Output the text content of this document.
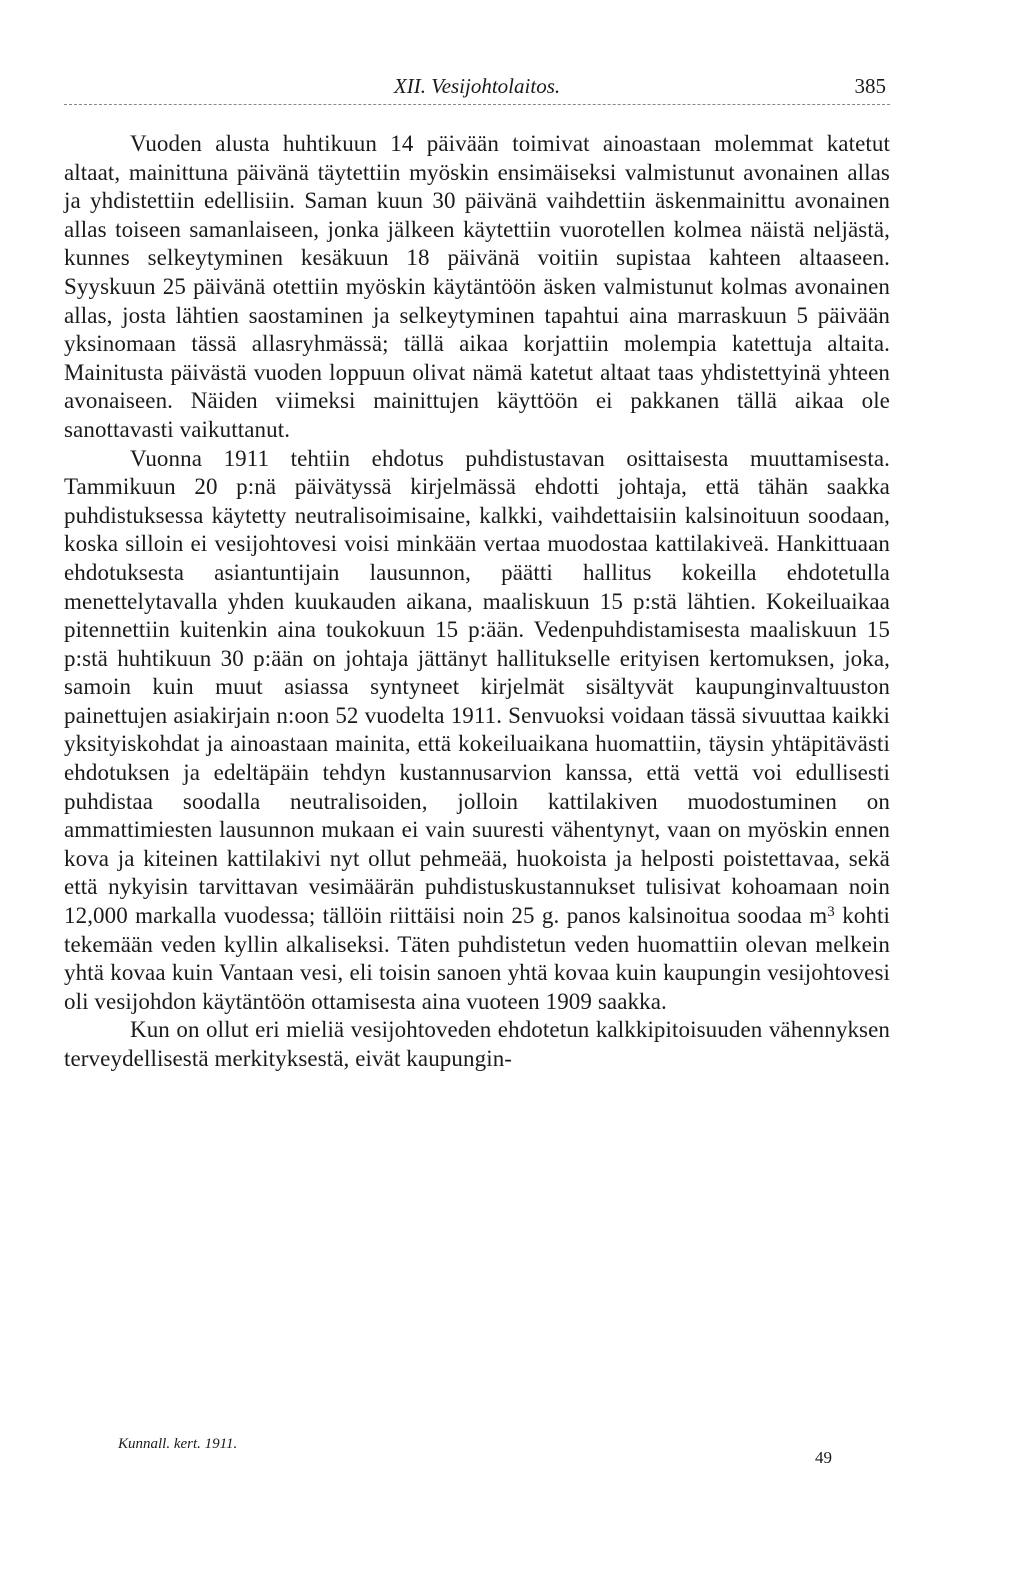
XII. Vesijohtolaitos.	385

Vuoden alusta huhtikuun 14 päivään toimivat ainoastaan molemmat katetut altaat, mainittuna päivänä täytettiin myöskin ensimäiseksi valmistunut avonainen allas ja yhdistettiin edellisiin. Saman kuun 30 päivänä vaihdettiin äskenmainittu avonainen allas toiseen samanlaiseen, jonka jälkeen käytettiin vuorotellen kolmea näistä neljästä, kunnes selkeytyminen kesäkuun 18 päivänä voitiin supistaa kahteen altaaseen. Syyskuun 25 päivänä otettiin myöskin käytäntöön äsken valmistunut kolmas avonainen allas, josta lähtien saostaminen ja selkeytyminen tapahtui aina marraskuun 5 päivään yksinomaan tässä allasryhmässä; tällä aikaa korjattiin molempia katettuja altaita. Mainitusta päivästä vuoden loppuun olivat nämä katetut altaat taas yhdistettyinä yhteen avonaiseen. Näiden viimeksi mainittujen käyttöön ei pakkanen tällä aikaa ole sanottavasti vaikuttanut.

Vuonna 1911 tehtiin ehdotus puhdistustavan osittaisesta muuttamisesta. Tammikuun 20 p:nä päivätyssä kirjelmässä ehdotti johtaja, että tähän saakka puhdistuksessa käytetty neutralisoimisaine, kalkki, vaihdettaisiin kalsinoituun soodaan, koska silloin ei vesijohtovesi voisi minkään vertaa muodostaa kattilakiveä. Hankittuaan ehdotuksesta asiantuntijain lausunnon, päätti hallitus kokeilla ehdotetulla menettelytavalla yhden kuukauden aikana, maaliskuun 15 p:stä lähtien. Kokeiluaikaa pitennettiin kuitenkin aina toukokuun 15 p:ään. Vedenpuhdistamisesta maaliskuun 15 p:stä huhtikuun 30 p:ään on johtaja jättänyt hallitukselle erityisen kertomuksen, joka, samoin kuin muut asiassa syntyneet kirjelmät sisältyvät kaupunginvaltuuston painettujen asiakirjain n:oon 52 vuodelta 1911. Senvuoksi voidaan tässä sivuuttaa kaikki yksityiskohdat ja ainoastaan mainita, että kokeiluaikana huomattiin, täysin yhtäpitävästi ehdotuksen ja edeltäpäin tehdyn kustannusarvion kanssa, että vettä voi edullisesti puhdistaa soodalla neutralisoiden, jolloin kattilakiven muodostuminen on ammattimiesten lausunnon mukaan ei vain suuresti vähentynyt, vaan on myöskin ennen kova ja kiteinen kattilakivi nyt ollut pehmeää, huokoista ja helposti poistettavaa, sekä että nykyisin tarvittavan vesimäärän puhdistuskustannukset tulisivat kohoamaan noin 12,000 markalla vuodessa; tällöin riittäisi noin 25 g. panos kalsinoitua soodaa $m^3$ kohti tekemään veden kyllin alkaliseksi. Täten puhdistetun veden huomattiin olevan melkein yhtä kovaa kuin Vantaan vesi, eli toisin sanoen yhtä kovaa kuin kaupungin vesijohtovesi oli vesijohdon käytäntöön ottamisesta aina vuoteen 1909 saakka.

Kun on ollut eri mieliä vesijohtoveden ehdotetun kalkkipitoisuuden vähennyksen terveydellisestä merkityksestä, eivät kaupungin-

Kunnall. kert. 1911.
49
